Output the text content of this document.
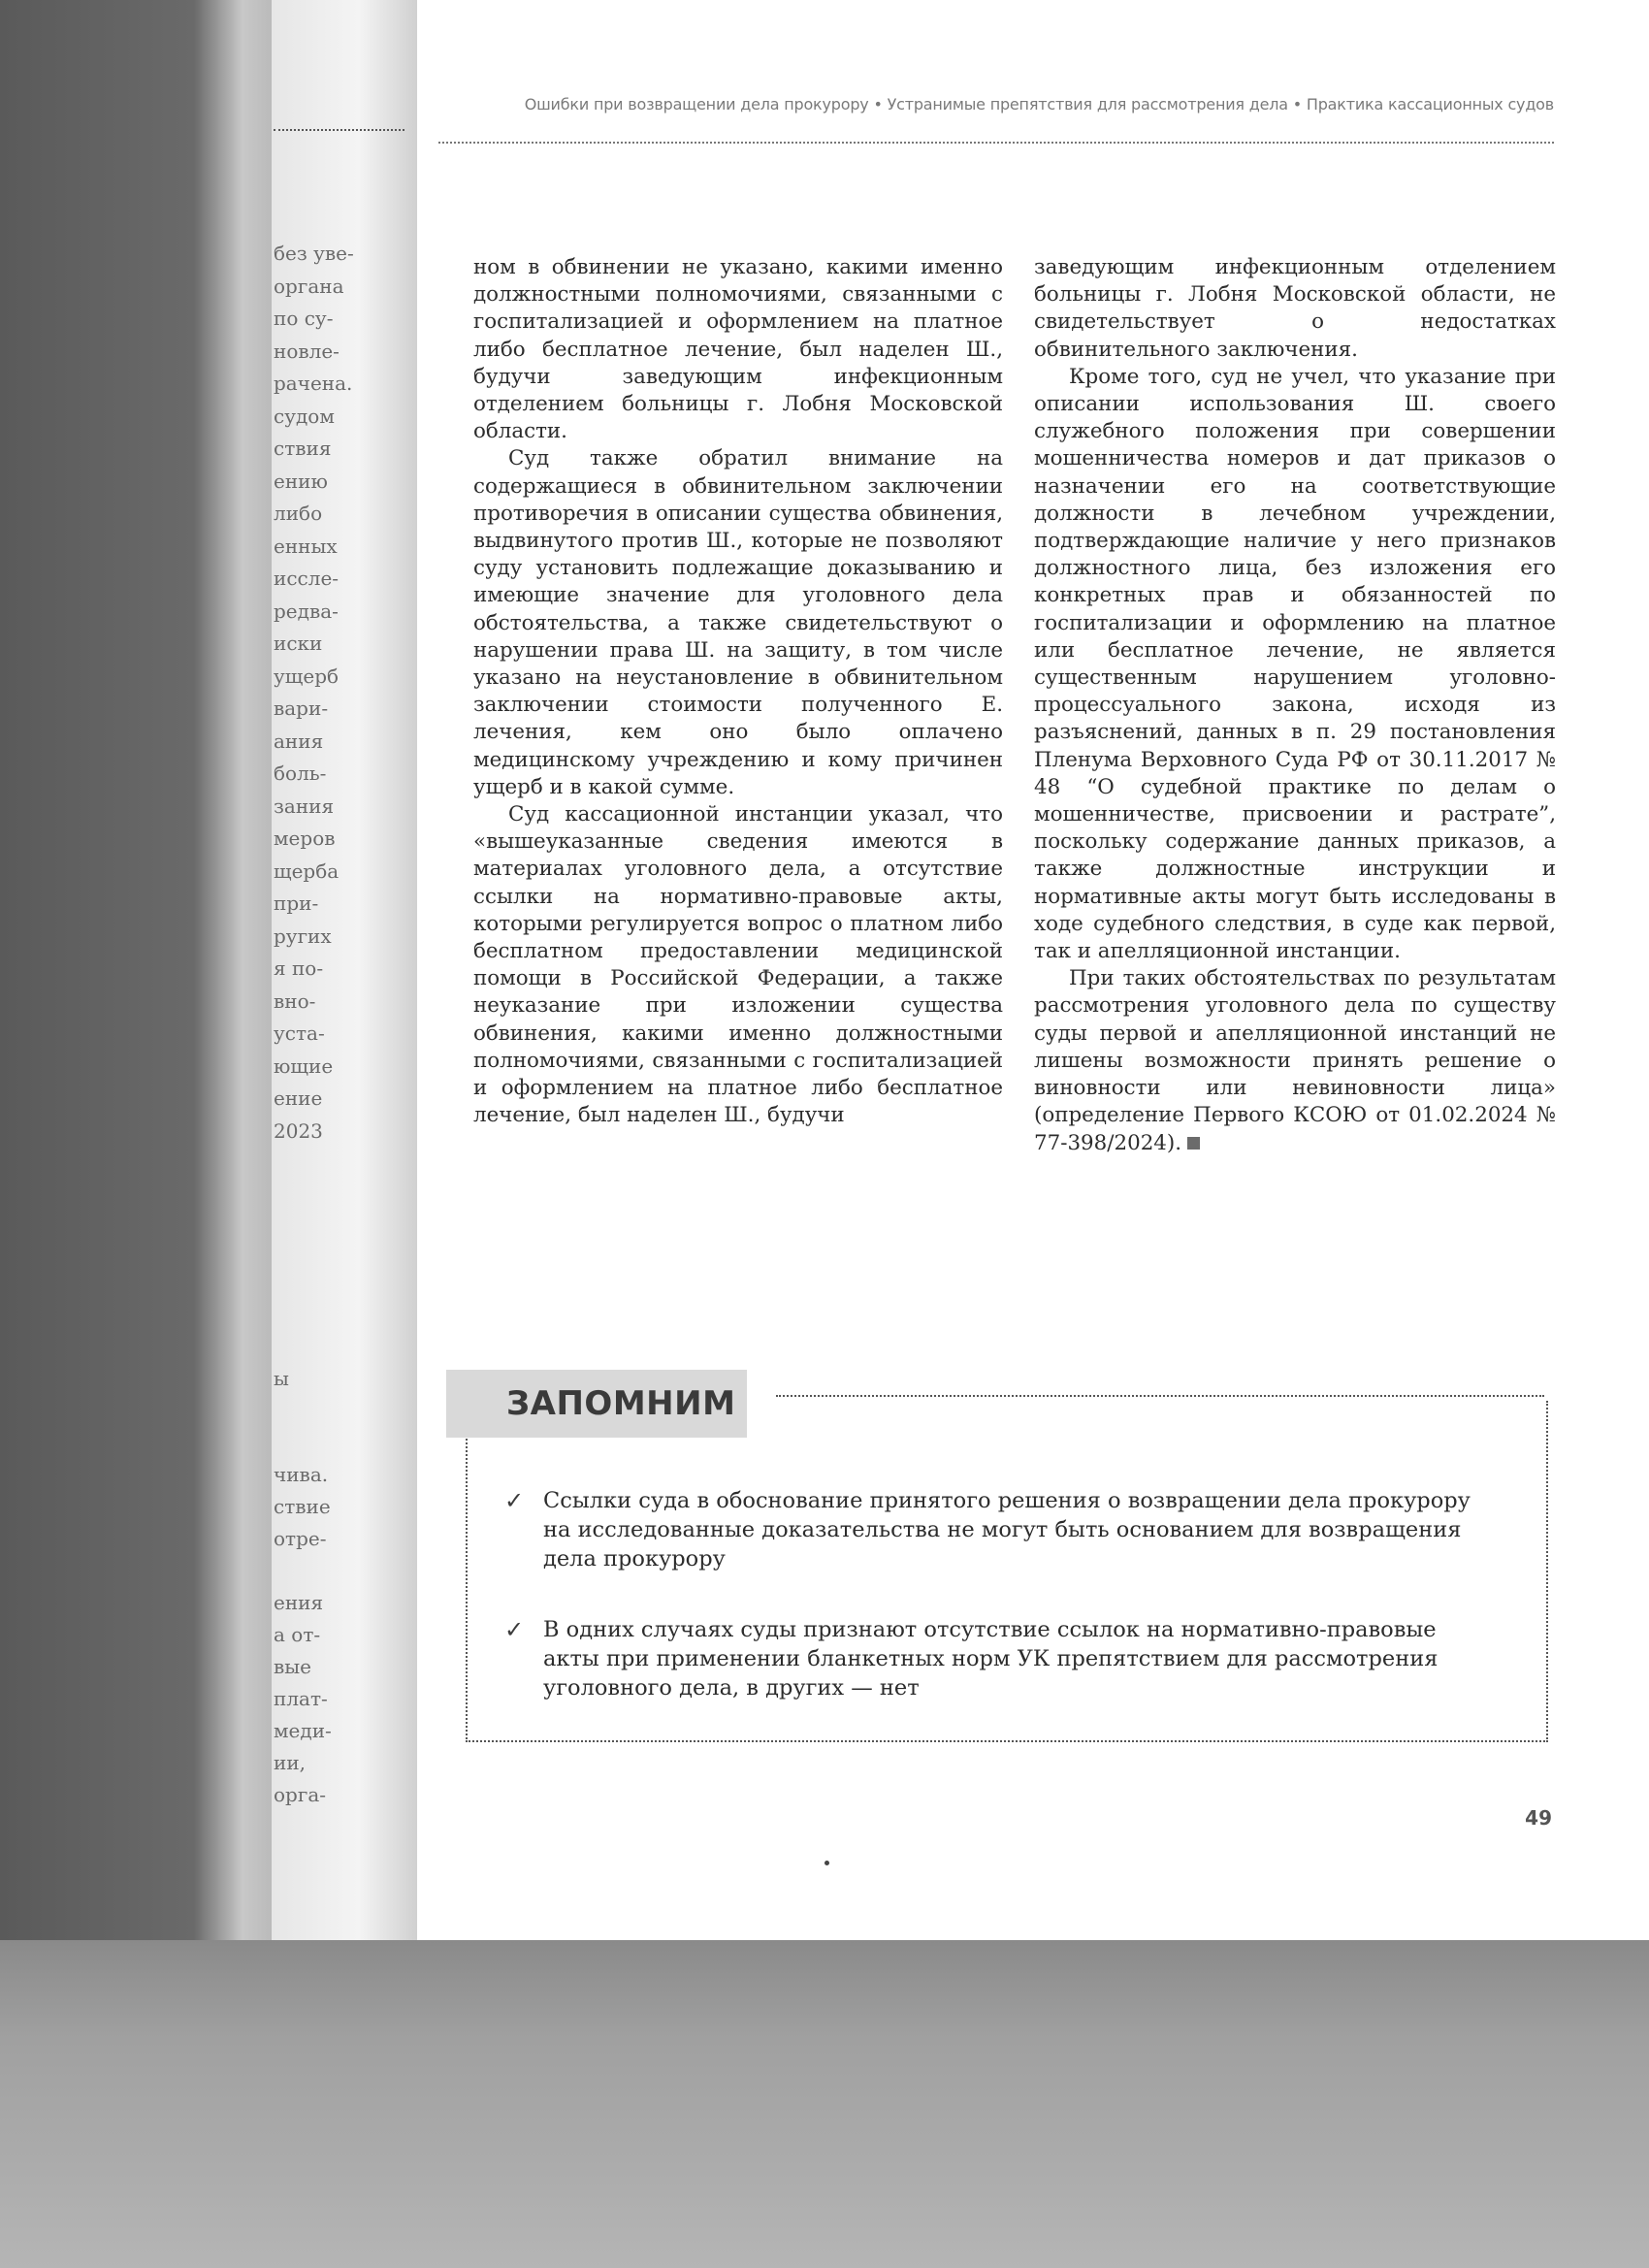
без уве-
органа
по су-
новле-
рачена.
судом
ствия
ению
либо
енных
иссле-
редва-
иски
ущерб
вари-
ания
боль-
зания
меров
щерба
при-
ругих
я по-
вно-
устa-
ющие
ение
2023
ы

чива.
ствие
отре-

ения
а от-
вые
плат-
меди-
ии,
орга-
Ошибки при возвращении дела прокурору • Устранимые препятствия для рассмотрения дела • Практика кассационных судов

ном в обвинении не указано, какими именно должностными полномочиями, связанными с госпитализацией и оформлением на платное либо бесплатное лечение, был наделен Ш., будучи заведующим инфекционным отделением больницы г. Лобня Московской области.

Суд также обратил внимание на содержащиеся в обвинительном заключении противоречия в описании существа обвинения, выдвинутого против Ш., которые не позволяют суду установить подлежащие доказыванию и имеющие значение для уголовного дела обстоятельства, а также свидетельствуют о нарушении права Ш. на защиту, в том числе указано на неустановление в обвинительном заключении стоимости полученного Е. лечения, кем оно было оплачено медицинскому учреждению и кому причинен ущерб и в какой сумме.

Суд кассационной инстанции указал, что «вышеуказанные сведения имеются в материалах уголовного дела, а отсутствие ссылки на нормативно-правовые акты, которыми регулируется вопрос о платном либо бесплатном предоставлении медицинской помощи в Российской Федерации, а также неуказание при изложении существа обвинения, какими именно должностными полномочиями, связанными с госпитализацией и оформлением на платное либо бесплатное лечение, был наделен Ш., будучи

заведующим инфекционным отделением больницы г. Лобня Московской области, не свидетельствует о недостатках обвинительного заключения.

Кроме того, суд не учел, что указание при описании использования Ш. своего служебного положения при совершении мошенничества номеров и дат приказов о назначении его на соответствующие должности в лечебном учреждении, подтверждающие наличие у него признаков должностного лица, без изложения его конкретных прав и обязанностей по госпитализации и оформлению на платное или бесплатное лечение, не является существенным нарушением уголовно-процессуального закона, исходя из разъяснений, данных в п. 29 постановления Пленума Верховного Суда РФ от 30.11.2017 № 48 “О судебной практике по делам о мошенничестве, присвоении и растрате”, поскольку содержание данных приказов, а также должностные инструкции и нормативные акты могут быть исследованы в ходе судебного следствия, в суде как первой, так и апелляционной инстанции.

При таких обстоятельствах по результатам рассмотрения уголовного дела по существу суды первой и апелляционной инстанций не лишены возможности принять решение о виновности или невиновности лица» (определение Первого КСОЮ от 01.02.2024 № 77-398/2024).

ЗАПОМНИМ
✓ Ссылки суда в обоснование принятого решения о возвращении дела прокурору на исследованные доказательства не могут быть основанием для возвращения дела прокурору
✓ В одних случаях суды признают отсутствие ссылок на нормативно-правовые акты при применении бланкетных норм УК препятствием для рассмотрения уголовного дела, в других — нет
49
